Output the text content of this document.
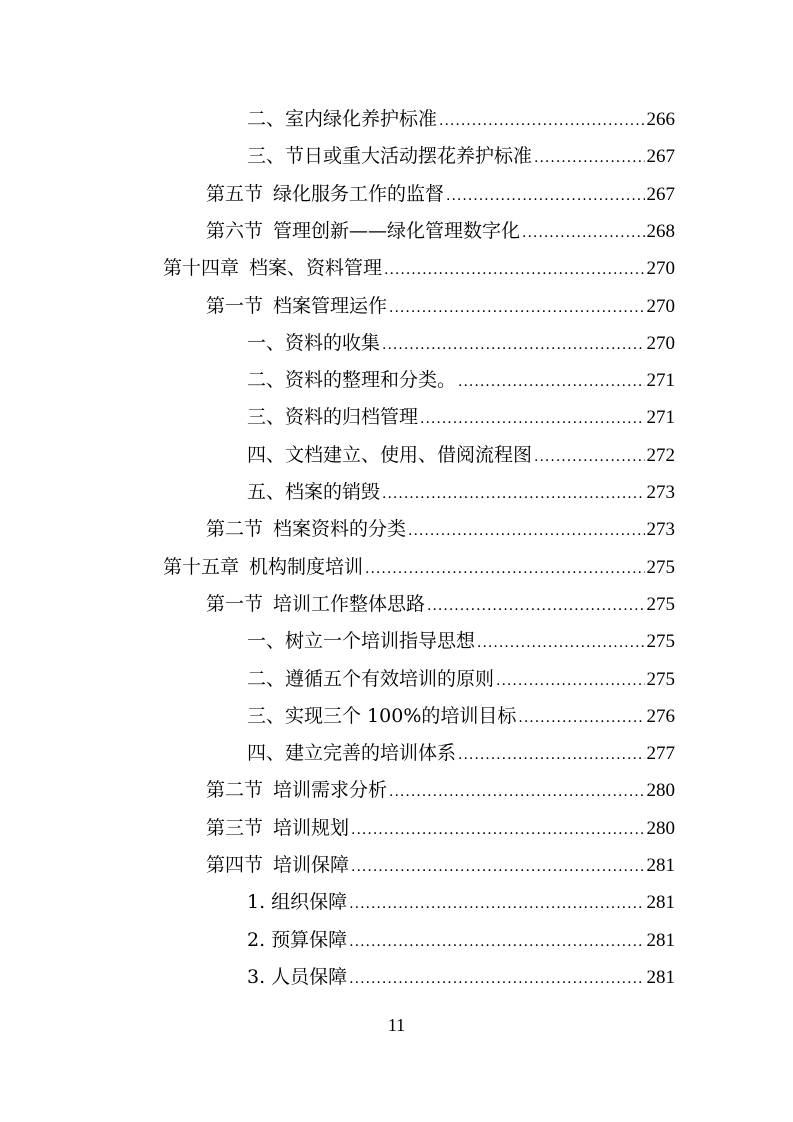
二、 室内绿化养护标准 .....	266
三、 节日或重大活动摆花养护标准 .....	267
第五节 绿化服务工作的监督 .....	267
第六节 管理创新——绿化管理数字化 .....	268
第十四章 档案、资料管理 .....	270
第一节 档案管理运作 .....	270
一、 资料的收集 .....	270
二、 资料的整理和分类。 .....	271
三、 资料的归档管理 .....	271
四、 文档建立、使用、借阅流程图 .....	272
五、 档案的销毁 .....	273
第二节 档案资料的分类 .....	273
第十五章 机构制度培训 .....	275
第一节 培训工作整体思路 .....	275
一、 树立一个培训指导思想 .....	275
二、 遵循五个有效培训的原则 .....	275
三、 实现三个 100%的培训目标 .....	276
四、 建立完善的培训体系 .....	277
第二节 培训需求分析 .....	280
第三节 培训规划 .....	280
第四节 培训保障 .....	281
1. 组织保障 .....	281
2. 预算保障 .....	281
3. 人员保障 .....	281
11
